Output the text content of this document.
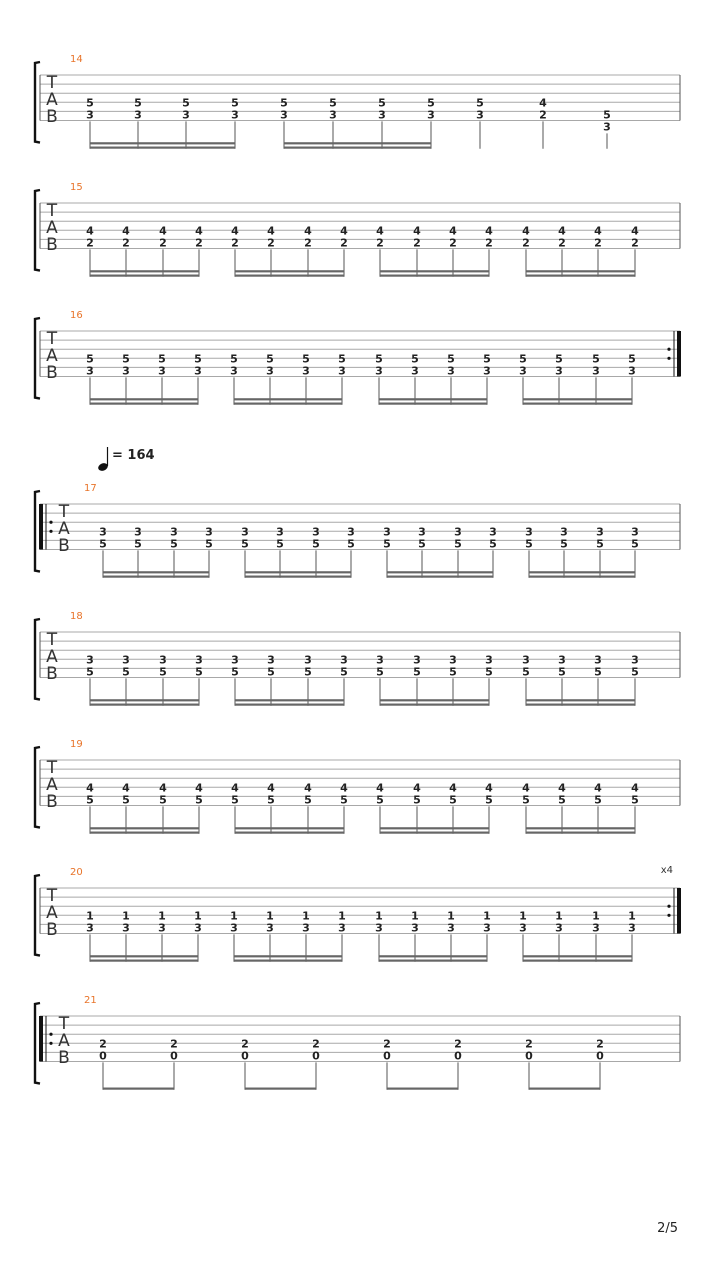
T
A
B
14
5
3
5
3
5
3
5
3
5
3
5
3
5
3
5
3
5
3
4
2	5
3
T
A
B
15
4
2
4
2
4
2
4
2
4
2
4
2
4
2
4
2
4
2
4
2
4
2
4
2
4
2
4
2
4
2
4
2
T
A
B
16
5
3
5
3
5
3
5
3
5
3
5
3
5
3
5
3
5
3
5
3
5
3
5
3
5
3
5
3
5
3
5
3
T
A
B
17
= 164
3
5
3
5
3
5
3
5
3
5
3
5
3
5
3
5
3
5
3
5
3
5
3
5
3
5
3
5
3
5
3
5
T
A
B
18
3
5
3
5
3
5
3
5
3
5
3
5
3
5
3
5
3
5
3
5
3
5
3
5
3
5
3
5
3
5
3
5
T
A
B
19
4
5
4
5
4
5
4
5
4
5
4
5
4
5
4
5
4
5
4
5
4
5
4
5
4
5
4
5
4
5
4
5
T
A
B
20	x4
1
3
1
3
1
3
1
3
1
3
1
3
1
3
1
3
1
3
1
3
1
3
1
3
1
3
1
3
1
3
1
3
T
A
B
21
2
0
2
0
2
0
2
0
2
0
2
0
2
0
2
0
2/5
